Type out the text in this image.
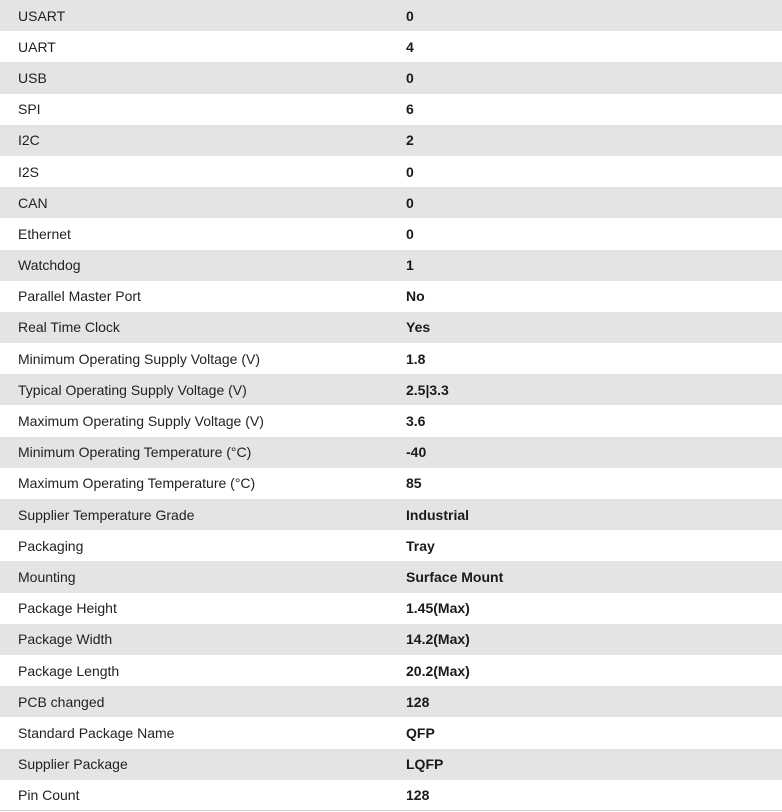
USART	0
UART	4
USB	0
SPI	6
I2C	2
I2S	0
CAN	0
Ethernet	0
Watchdog	1
Parallel Master Port	No
Real Time Clock	Yes
Minimum Operating Supply Voltage (V)	1.8
Typical Operating Supply Voltage (V)	2.5|3.3
Maximum Operating Supply Voltage (V)	3.6
Minimum Operating Temperature (°C)	-40
Maximum Operating Temperature (°C)	85
Supplier Temperature Grade	Industrial
Packaging	Tray
Mounting	Surface Mount
Package Height	1.45(Max)
Package Width	14.2(Max)
Package Length	20.2(Max)
PCB changed	128
Standard Package Name	QFP
Supplier Package	LQFP
Pin Count	128
